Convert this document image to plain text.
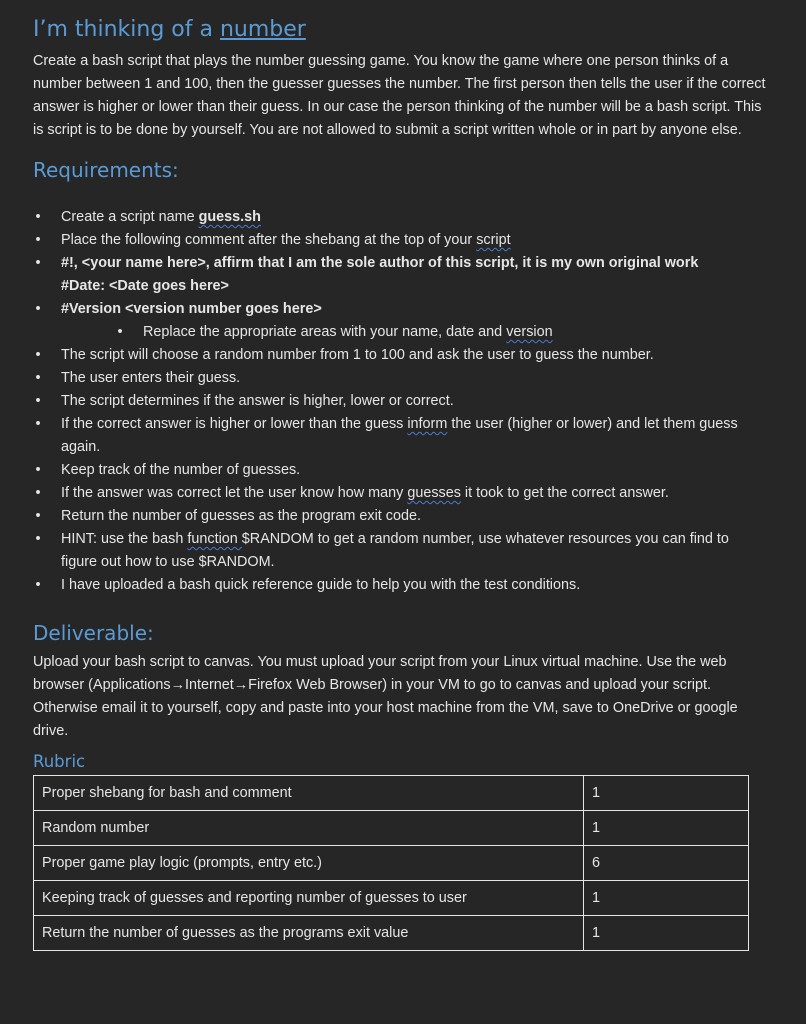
I’m thinking of a number

Create a bash script that plays the number guessing game. You know the game where one person thinks of a number between 1 and 100, then the guesser guesses the number. The first person then tells the user if the correct answer is higher or lower than their guess. In our case the person thinking of the number will be a bash script. This is script is to be done by yourself. You are not allowed to submit a script written whole or in part by anyone else.

Requirements:
• Create a script name guess.sh
• Place the following comment after the shebang at the top of your script
• #!, <your name here>, affirm that I am the sole author of this script, it is my own original work
#Date: <Date goes here>
• #Version <version number goes here>
• Replace the appropriate areas with your name, date and version
• The script will choose a random number from 1 to 100 and ask the user to guess the number.
• The user enters their guess.
• The script determines if the answer is higher, lower or correct.
• If the correct answer is higher or lower than the guess inform the user (higher or lower) and let them guess again.
• Keep track of the number of guesses.
• If the answer was correct let the user know how many guesses it took to get the correct answer.
• Return the number of guesses as the program exit code.
• HINT: use the bash function $RANDOM to get a random number, use whatever resources you can find to figure out how to use $RANDOM.
• I have uploaded a bash quick reference guide to help you with the test conditions.
Deliverable:

Upload your bash script to canvas. You must upload your script from your Linux virtual machine. Use the web browser (Applications→Internet→Firefox Web Browser) in your VM to go to canvas and upload your script. Otherwise email it to yourself, copy and paste into your host machine from the VM, save to OneDrive or google drive.

Rubric
Proper shebang for bash and comment	1
Random number	1
Proper game play logic (prompts, entry etc.)	6
Keeping track of guesses and reporting number of guesses to user	1
Return the number of guesses as the programs exit value	1
